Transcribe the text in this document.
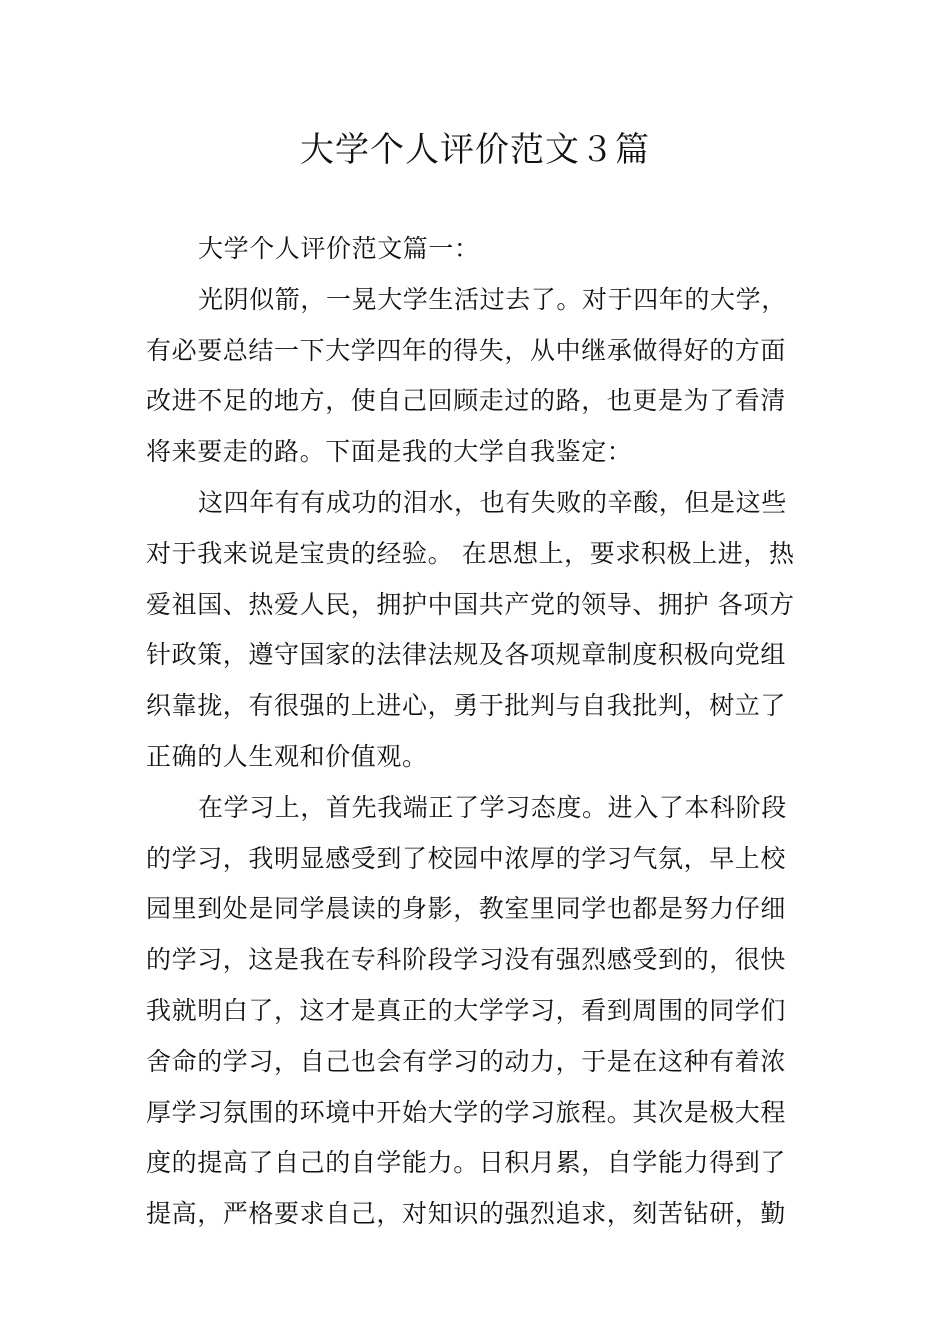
大学个人评价范文３篇
大学个人评价范文篇一：
光阴似箭，一晃大学生活过去了。对于四年的大学，
有必要总结一下大学四年的得失，从中继承做得好的方面
改进不足的地方，使自己回顾走过的路，也更是为了看清
将来要走的路。下面是我的大学自我鉴定：
这四年有有成功的泪水，也有失败的辛酸，但是这些
对于我来说是宝贵的经验。 在思想上，要求积极上进，热
爱祖国、热爱人民，拥护中国共产党的领导、拥护 各项方
针政策，遵守国家的法律法规及各项规章制度积极向党组
织靠拢，有很强的上进心，勇于批判与自我批判，树立了
正确的人生观和价值观。
在学习上，首先我端正了学习态度。进入了本科阶段
的学习，我明显感受到了校园中浓厚的学习气氛，早上校
园里到处是同学晨读的身影，教室里同学也都是努力仔细
的学习，这是我在专科阶段学习没有强烈感受到的，很快
我就明白了，这才是真正的大学学习，看到周围的同学们
舍命的学习，自己也会有学习的动力，于是在这种有着浓
厚学习氛围的环境中开始大学的学习旅程。其次是极大程
度的提高了自己的自学能力。日积月累，自学能力得到了
提高，严格要求自己，对知识的强烈追求，刻苦钻研，勤
